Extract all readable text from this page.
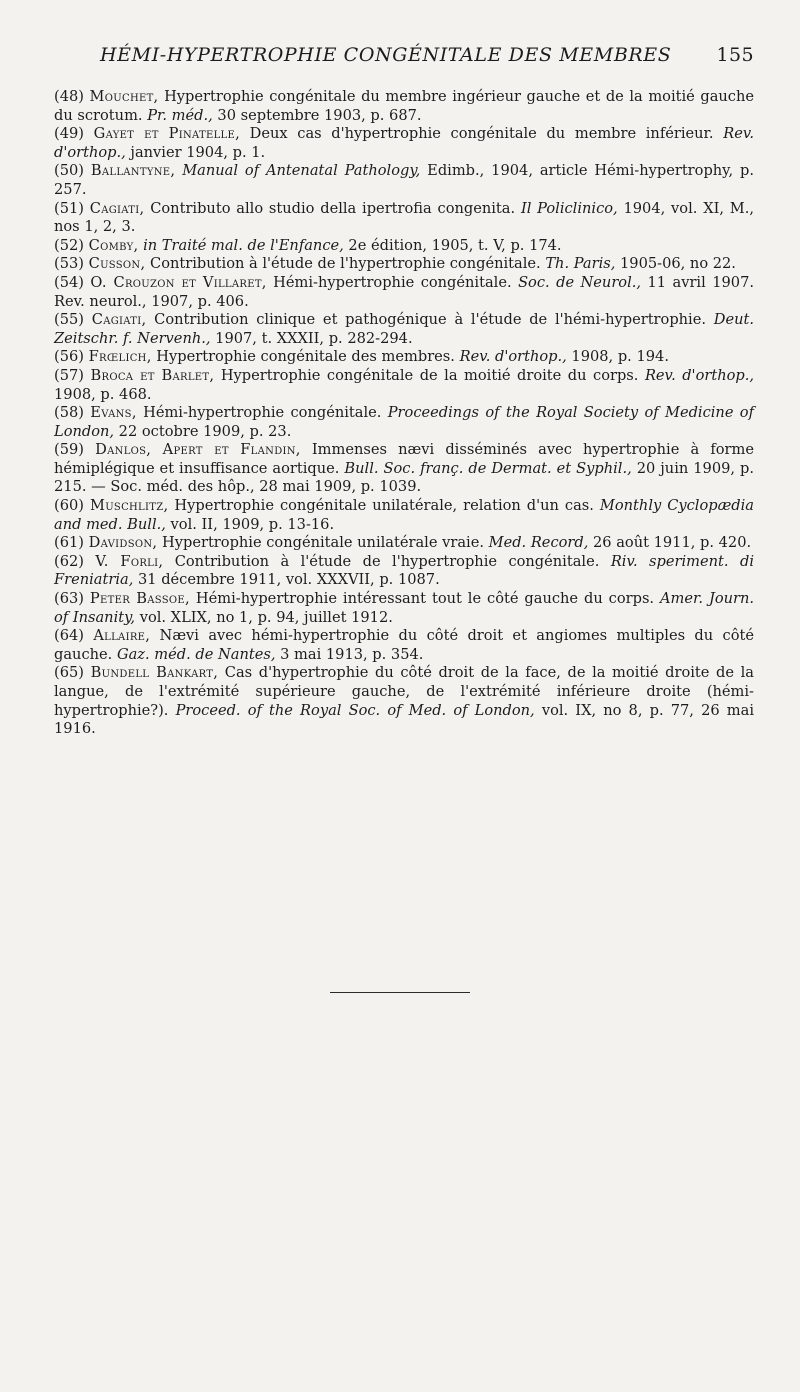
HÉMI-HYPERTROPHIE CONGÉNITALE DES MEMBRES 155

(48) Mouchet, Hypertrophie congénitale du membre ingérieur gauche et de la moitié gauche du scrotum. Pr. méd., 30 septembre 1903, p. 687.

(49) Gayet et Pinatelle, Deux cas d'hypertrophie congénitale du membre inférieur. Rev. d'orthop., janvier 1904, p. 1.

(50) Ballantyne, Manual of Antenatal Pathology, Edimb., 1904, article Hémi-hypertrophy, p. 257.

(51) Cagiati, Contributo allo studio della ipertrofia congenita. Il Policlinico, 1904, vol. XI, M., nos 1, 2, 3.

(52) Comby, in Traité mal. de l'Enfance, 2e édition, 1905, t. V, p. 174.

(53) Cusson, Contribution à l'étude de l'hypertrophie congénitale. Th. Paris, 1905-06, no 22.

(54) O. Crouzon et Villaret, Hémi-hypertrophie congénitale. Soc. de Neurol., 11 avril 1907. Rev. neurol., 1907, p. 406.

(55) Cagiati, Contribution clinique et pathogénique à l'étude de l'hémi-hypertrophie. Deut. Zeitschr. f. Nervenh., 1907, t. XXXII, p. 282-294.

(56) Frœlich, Hypertrophie congénitale des membres. Rev. d'orthop., 1908, p. 194.

(57) Broca et Barlet, Hypertrophie congénitale de la moitié droite du corps. Rev. d'orthop., 1908, p. 468.

(58) Evans, Hémi-hypertrophie congénitale. Proceedings of the Royal Society of Medicine of London, 22 octobre 1909, p. 23.

(59) Danlos, Apert et Flandin, Immenses nævi disséminés avec hypertrophie à forme hémiplégique et insuffisance aortique. Bull. Soc. franç. de Dermat. et Syphil., 20 juin 1909, p. 215. — Soc. méd. des hôp., 28 mai 1909, p. 1039.

(60) Muschlitz, Hypertrophie congénitale unilatérale, relation d'un cas. Monthly Cyclopædia and med. Bull., vol. II, 1909, p. 13-16.

(61) Davidson, Hypertrophie congénitale unilatérale vraie. Med. Record, 26 août 1911, p. 420.

(62) V. Forli, Contribution à l'étude de l'hypertrophie congénitale. Riv. speriment. di Freniatria, 31 décembre 1911, vol. XXXVII, p. 1087.

(63) Peter Bassoe, Hémi-hypertrophie intéressant tout le côté gauche du corps. Amer. Journ. of Insanity, vol. XLIX, no 1, p. 94, juillet 1912.

(64) Allaire, Nævi avec hémi-hypertrophie du côté droit et angiomes multiples du côté gauche. Gaz. méd. de Nantes, 3 mai 1913, p. 354.

(65) Bundell Bankart, Cas d'hypertrophie du côté droit de la face, de la moitié droite de la langue, de l'extrémité supérieure gauche, de l'extrémité inférieure droite (hémi-hypertrophie?). Proceed. of the Royal Soc. of Med. of London, vol. IX, no 8, p. 77, 26 mai 1916.
